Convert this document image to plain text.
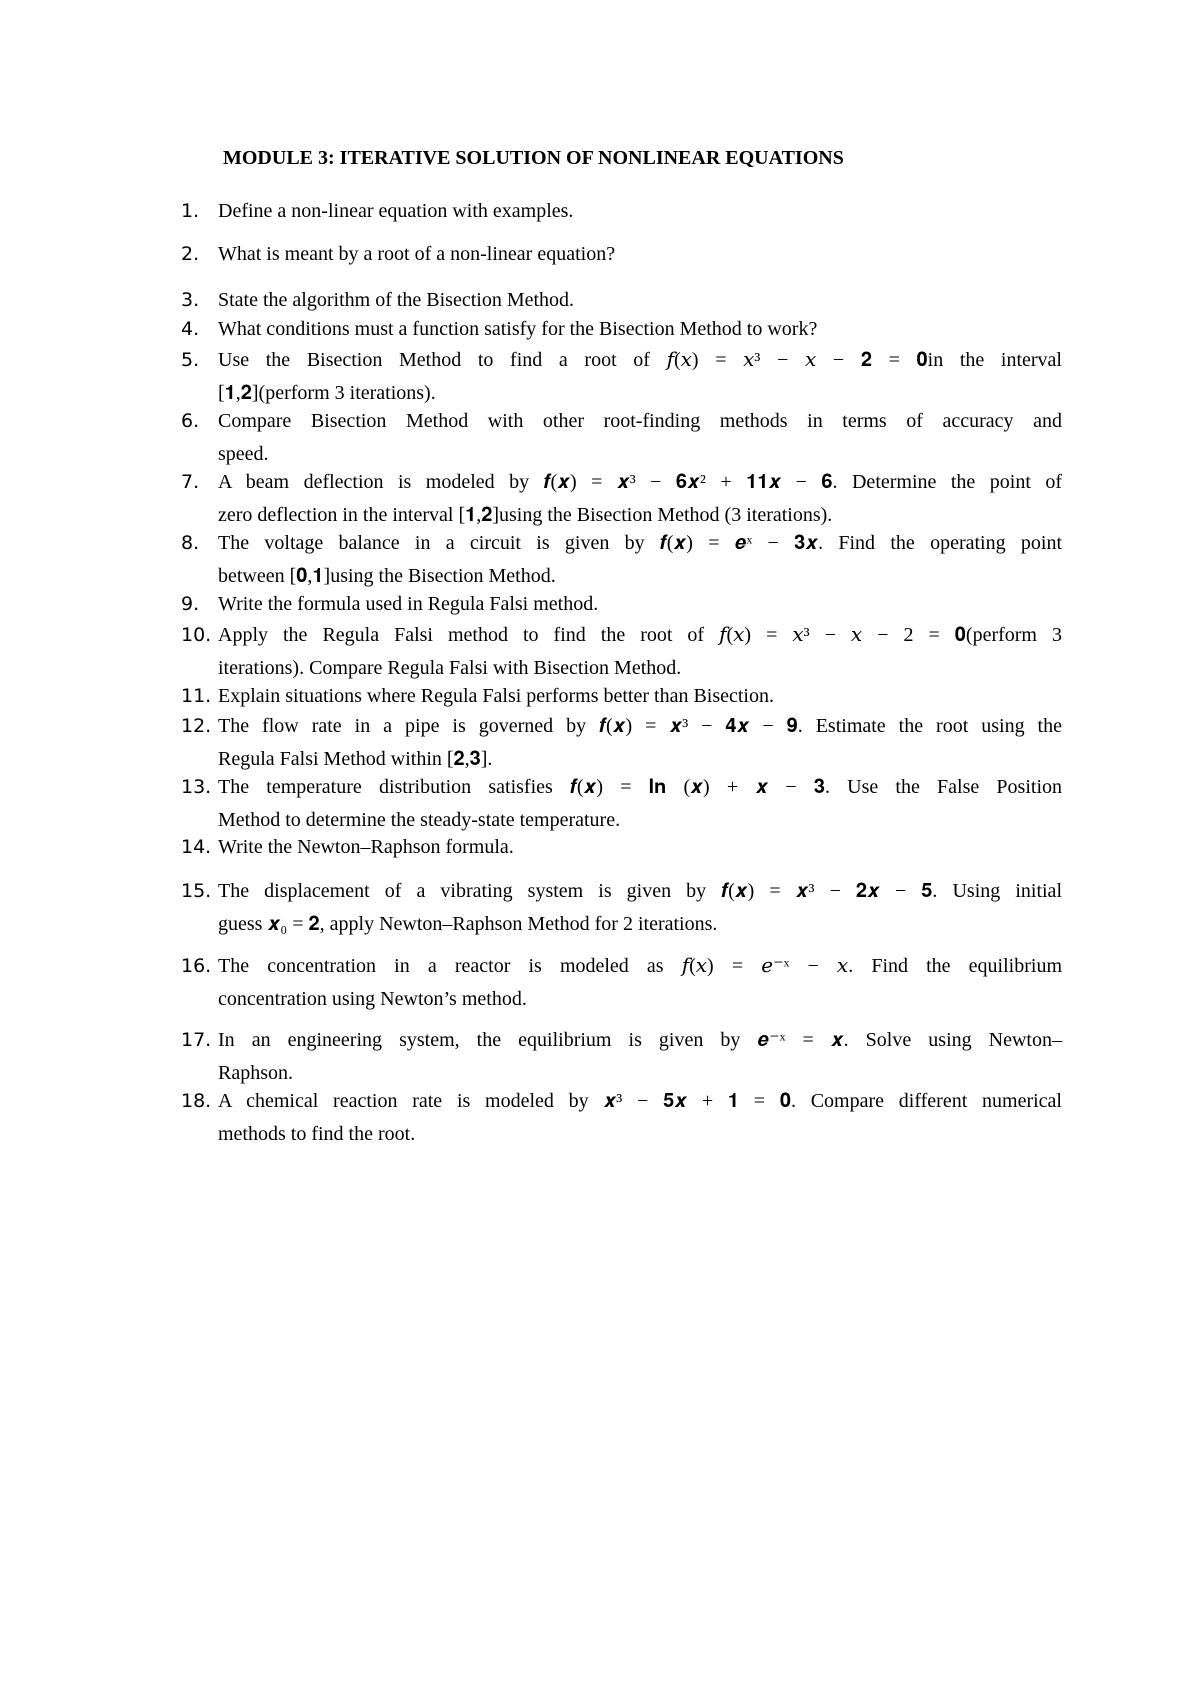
MODULE 3: ITERATIVE SOLUTION OF NONLINEAR EQUATIONS
1. Define a non-linear equation with examples.
2. What is meant by a root of a non-linear equation?
3. State the algorithm of the Bisection Method.
4. What conditions must a function satisfy for the Bisection Method to work?
5. Use the Bisection Method to find a root of 𝑓(𝑥) = 𝑥³ − 𝑥 − 𝟐 = 𝟎in the interval
[𝟏,𝟐](perform 3 iterations).
6. Compare Bisection Method with other root-finding methods in terms of accuracy and
speed.
7. A beam deflection is modeled by 𝒇(𝒙) = 𝒙³ − 𝟔𝒙² + 𝟏𝟏𝒙 − 𝟔. Determine the point of
zero deflection in the interval [𝟏,𝟐]using the Bisection Method (3 iterations).
8. The voltage balance in a circuit is given by 𝒇(𝒙) = 𝒆ˣ − 𝟑𝒙. Find the operating point
between [𝟎,𝟏]using the Bisection Method.
9. Write the formula used in Regula Falsi method.
10. Apply the Regula Falsi method to find the root of 𝑓(𝑥) = 𝑥³ − 𝑥 − 2 = 𝟎(perform 3
iterations). Compare Regula Falsi with Bisection Method.
11. Explain situations where Regula Falsi performs better than Bisection.
12. The flow rate in a pipe is governed by 𝒇(𝒙) = 𝒙³ − 𝟒𝒙 − 𝟗. Estimate the root using the
Regula Falsi Method within [𝟐,𝟑].
13. The temperature distribution satisfies 𝒇(𝒙) = 𝐥𝐧 (𝒙) + 𝒙 − 𝟑. Use the False Position
Method to determine the steady-state temperature.
14. Write the Newton–Raphson formula.
15. The displacement of a vibrating system is given by 𝒇(𝒙) = 𝒙³ − 𝟐𝒙 − 𝟓. Using initial
guess 𝒙₀ = 𝟐, apply Newton–Raphson Method for 2 iterations.
16. The concentration in a reactor is modeled as 𝑓(𝑥) = 𝑒⁻ˣ − 𝑥. Find the equilibrium
concentration using Newton’s method.
17. In an engineering system, the equilibrium is given by 𝒆⁻ˣ = 𝒙. Solve using Newton–
Raphson.
18. A chemical reaction rate is modeled by 𝒙³ − 𝟓𝒙 + 𝟏 = 𝟎. Compare different numerical
methods to find the root.
